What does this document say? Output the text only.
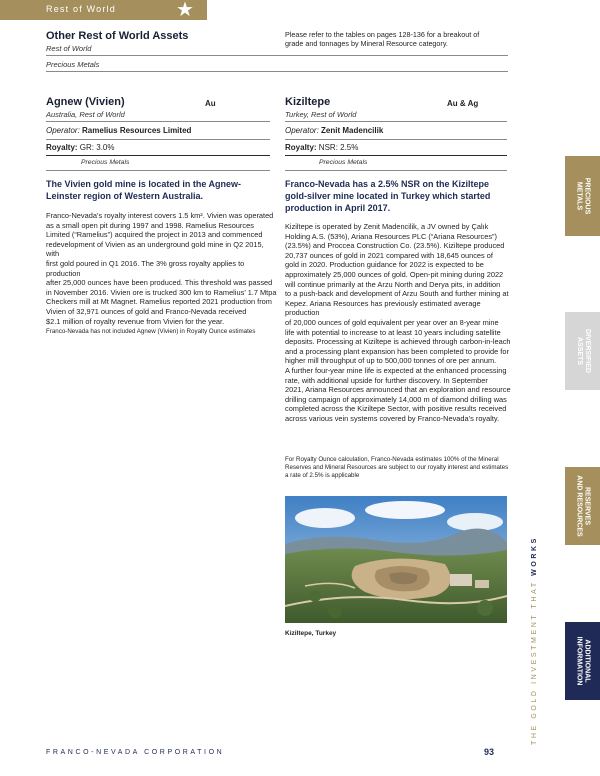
Rest of World	★
Other Rest of World Assets
Rest of World
Please refer to the tables on pages 128-136 for a breakout of grade and tonnages by Mineral Resource category.
Precious Metals
Agnew (Vivien)	Au
Australia, Rest of World
Operator: Ramelius Resources Limited
Royalty: GR: 3.0%
Precious Metals
The Vivien gold mine is located in the Agnew-Leinster region of Western Australia.
Franco-Nevada’s royalty interest covers 1.5 km². Vivien was operated
as a small open pit during 1997 and 1998. Ramelius Resources
Limited (“Ramelius”) acquired the project in 2013 and commenced
redevelopment of Vivien as an underground gold mine in Q2 2015, with
first gold poured in Q1 2016. The 3% gross royalty applies to production
after 25,000 ounces have been produced. This threshold was passed
in November 2016. Vivien ore is trucked 300 km to Ramelius’ 1.7 Mtpa
Checkers mill at Mt Magnet. Ramelius reported 2021 production from
Vivien of 32,971 ounces of gold and Franco-Nevada received
$2.1 million of royalty revenue from Vivien for the year.
Franco-Nevada has not included Agnew (Vivien) in Royalty Ounce estimates
Kiziltepe	Au & Ag
Turkey, Rest of World
Operator: Zenit Madencilik
Royalty: NSR: 2.5%
Precious Metals
Franco-Nevada has a 2.5% NSR on the Kiziltepe gold-silver mine located in Turkey which started production in April 2017.
Kiziltepe is operated by Zenit Madencilik, a JV owned by Çalık
Holding A.S. (53%), Ariana Resources PLC (“Ariana Resources”)
(23.5%) and Proccea Construction Co. (23.5%). Kiziltepe produced
20,737 ounces of gold in 2021 compared with 18,645 ounces of
gold in 2020. Production guidance for 2022 is expected to be
approximately 25,000 ounces of gold. Open-pit mining during 2022
will continue primarily at the Arzu North and Derya pits, in addition
to a push-back and development of Arzu South and further mining at
Kepez. Ariana Resources has previously estimated average production
of 20,000 ounces of gold equivalent per year over an 8-year mine
life with potential to increase to at least 10 years including satellite
deposits. Processing at Kiziltepe is achieved through carbon-in-leach
and a processing plant expansion has been completed to provide for
higher mill throughput of up to 500,000 tonnes of ore per annum.
A further four-year mine life is expected at the enhanced processing
rate, with additional upside for further discovery. In September
2021, Ariana Resources announced that an exploration and resource
drilling campaign of approximately 14,000 m of diamond drilling was
completed across the Kiziltepe Sector, with positive results received
across various vein systems covered by Franco-Nevada’s royalty.
For Royalty Ounce calculation, Franco-Nevada estimates 100% of the Mineral
Reserves and Mineral Resources are subject to our royalty interest and estimates
a rate of 2.5% is applicable
Kiziltepe, Turkey
PRECIOUS
METALS
DIVERSIFIED
ASSETS
RESERVES
AND RESOURCES
ADDITIONAL
INFORMATION
THE GOLD INVESTMENT THAT WORKS
FRANCO-NEVADA CORPORATION	93
